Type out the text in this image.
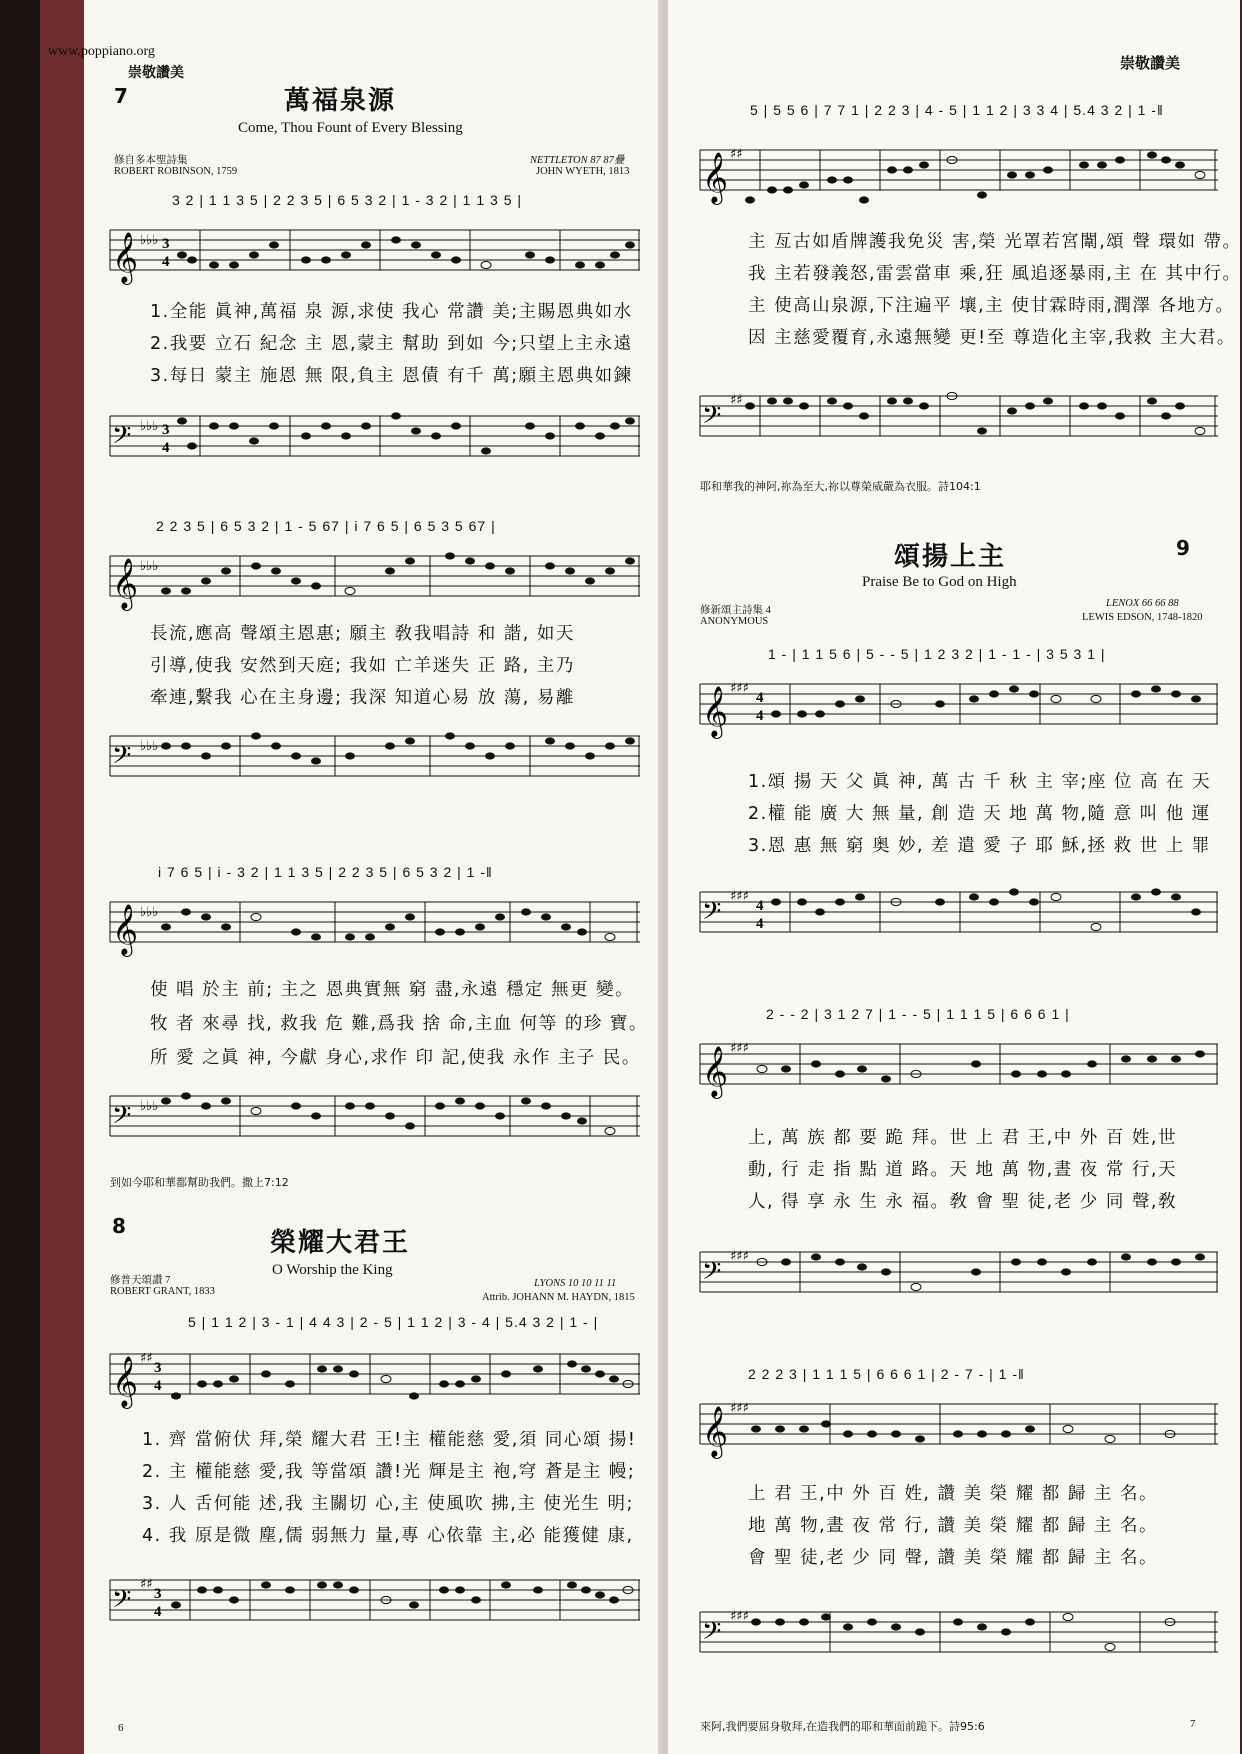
www.poppiano.org
崇敬讚美
7	萬福泉源
Come, Thou Fount of Every Blessing
修自多本聖詩集
ROBERT ROBINSON, 1759
NETTLETON 87 87疊
JOHN WYETH, 1813
3 2 | 1 1 3 5 | 2 2 3 5 | 6 5 3 2 | 1 - 3 2 | 1 1 3 5 |
𝄞 ♭♭♭ 3
4
1.全能 眞神,萬福 泉 源,求使 我心 常讚 美;主賜恩典如水
2.我要 立石 紀念 主 恩,蒙主 幫助 到如 今;只望上主永遠
3.每日 蒙主 施恩 無 限,負主 恩債 有千 萬;願主恩典如鍊
𝄢 ♭♭♭ 3
4
2 2 3 5 | 6 5 3 2 | 1 - 5 67 | i 7 6 5 | 6 5 3 5 67 |
𝄞 ♭♭♭
長流,應高 聲頌主恩惠; 願主 敎我唱詩 和 諧, 如天
引導,使我 安然到天庭; 我如 亡羊迷失 正 路, 主乃
牽連,繫我 心在主身邊; 我深 知道心易 放 蕩, 易離
𝄢 ♭♭♭
i 7 6 5 | i - 3 2 | 1 1 3 5 | 2 2 3 5 | 6 5 3 2 | 1 -‖
𝄞 ♭♭♭
使 唱 於主 前; 主之 恩典實無 窮 盡,永遠 穩定 無更 變。
牧 者 來尋 找, 救我 危 難,爲我 捨 命,主血 何等 的珍 寶。
所 愛 之眞 神, 今獻 身心,求作 印 記,使我 永作 主子 民。
𝄢 ♭♭♭
到如今耶和華都幫助我們。撒上7:12
8
榮耀大君王
O Worship the King
修普天頌讚 7
ROBERT GRANT, 1833
LYONS 10 10 11 11
Attrib. JOHANN M. HAYDN, 1815
5 | 1 1 2 | 3 - 1 | 4 4 3 | 2 - 5 | 1 1 2 | 3 - 4 | 5.4 3 2 | 1 - |
𝄞 ♯♯
3
4
1. 齊 當俯伏 拜,榮 耀大君 王!主 權能慈 愛,須 同心頌 揚!
2. 主 權能慈 愛,我 等當頌 讚!光 輝是主 袍,穹 蒼是主 幔;
3. 人 舌何能 述,我 主關切 心,主 使風吹 拂,主 使光生 明;
4. 我 原是微 塵,儒 弱無力 量,專 心依靠 主,必 能獲健 康,
𝄢
♯♯
3
4
6
崇敬讚美
5 | 5 5 6 | 7 7 1 | 2 2 3 | 4 - 5 | 1 1 2 | 3 3 4 | 5.4 3 2 | 1 -‖
𝄞 ♯♯
主 亙古如盾牌護我免災 害,榮 光罩若宮闈,頌 聲 環如 帶。
我 主若發義怒,雷雲當車 乘,狂 風追逐暴雨,主 在 其中行。
主 使高山泉源,下注遍平 壤,主 使甘霖時雨,潤澤 各地方。
因 主慈愛覆育,永遠無變 更!至 尊造化主宰,我救 主大君。
𝄢
♯♯
耶和華我的神阿,祢為至大,祢以尊榮威嚴為衣服。詩104:1
頌揚上主	9
Praise Be to God on High
修新頌主詩集 4
ANONYMOUS
LENOX 66 66 88
LEWIS EDSON, 1748-1820
1 - | 1 1 5 6 | 5 - - 5 | 1 2 3 2 | 1 - 1 - | 3 5 3 1 |
𝄞 ♯♯♯
4
4
1.頌 揚 天 父 眞 神, 萬 古 千 秋 主 宰;座 位 高 在 天
2.權 能 廣 大 無 量, 創 造 天 地 萬 物,隨 意 叫 他 運
3.恩 惠 無 窮 奥 妙, 差 遣 愛 子 耶 穌,拯 救 世 上 罪
𝄢
♯♯♯
4
4
2 - - 2 | 3 1 2 7 | 1 - - 5 | 1 1 1 5 | 6 6 6 1 |
𝄞 ♯♯♯
上, 萬 族 都 要 跪 拜。世 上 君 王,中 外 百 姓,世
動, 行 走 指 點 道 路。天 地 萬 物,晝 夜 常 行,天
人, 得 享 永 生 永 福。敎 會 聖 徒,老 少 同 聲,敎
𝄢
♯♯♯
2 2 2 3 | 1 1 1 5 | 6 6 6 1 | 2 - 7 - | 1 -‖
𝄞 ♯♯♯
上 君 王,中 外 百 姓, 讚 美 榮 耀 都 歸 主 名。
地 萬 物,晝 夜 常 行, 讚 美 榮 耀 都 歸 主 名。
會 聖 徒,老 少 同 聲, 讚 美 榮 耀 都 歸 主 名。
𝄢
♯♯♯
來阿,我們要屈身敬拜,在造我們的耶和華面前跪下。詩95:6	7
